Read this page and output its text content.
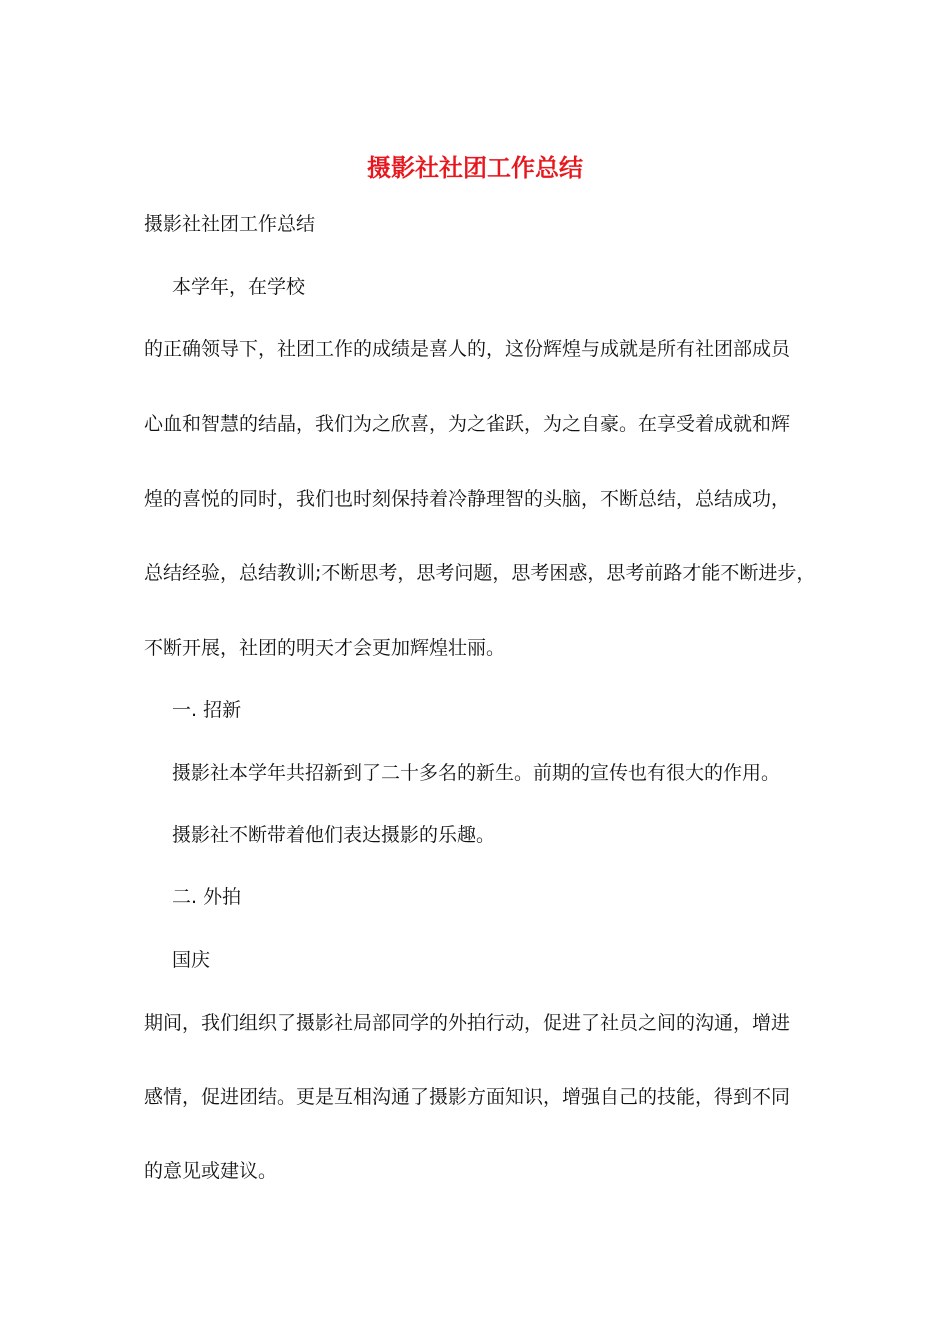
摄影社社团工作总结

摄影社社团工作总结

本学年，在学校

的正确领导下，社团工作的成绩是喜人的，这份辉煌与成就是所有社团部成员

心血和智慧的结晶，我们为之欣喜，为之雀跃，为之自豪。在享受着成就和辉

煌的喜悦的同时，我们也时刻保持着冷静理智的头脑，不断总结，总结成功，

总结经验，总结教训;不断思考，思考问题，思考困惑，思考前路才能不断进步，

不断开展，社团的明天才会更加辉煌壮丽。

一. 招新

摄影社本学年共招新到了二十多名的新生。前期的宣传也有很大的作用。

摄影社不断带着他们表达摄影的乐趣。

二. 外拍

国庆

期间，我们组织了摄影社局部同学的外拍行动，促进了社员之间的沟通，增进

感情，促进团结。更是互相沟通了摄影方面知识，增强自己的技能，得到不同

的意见或建议。
